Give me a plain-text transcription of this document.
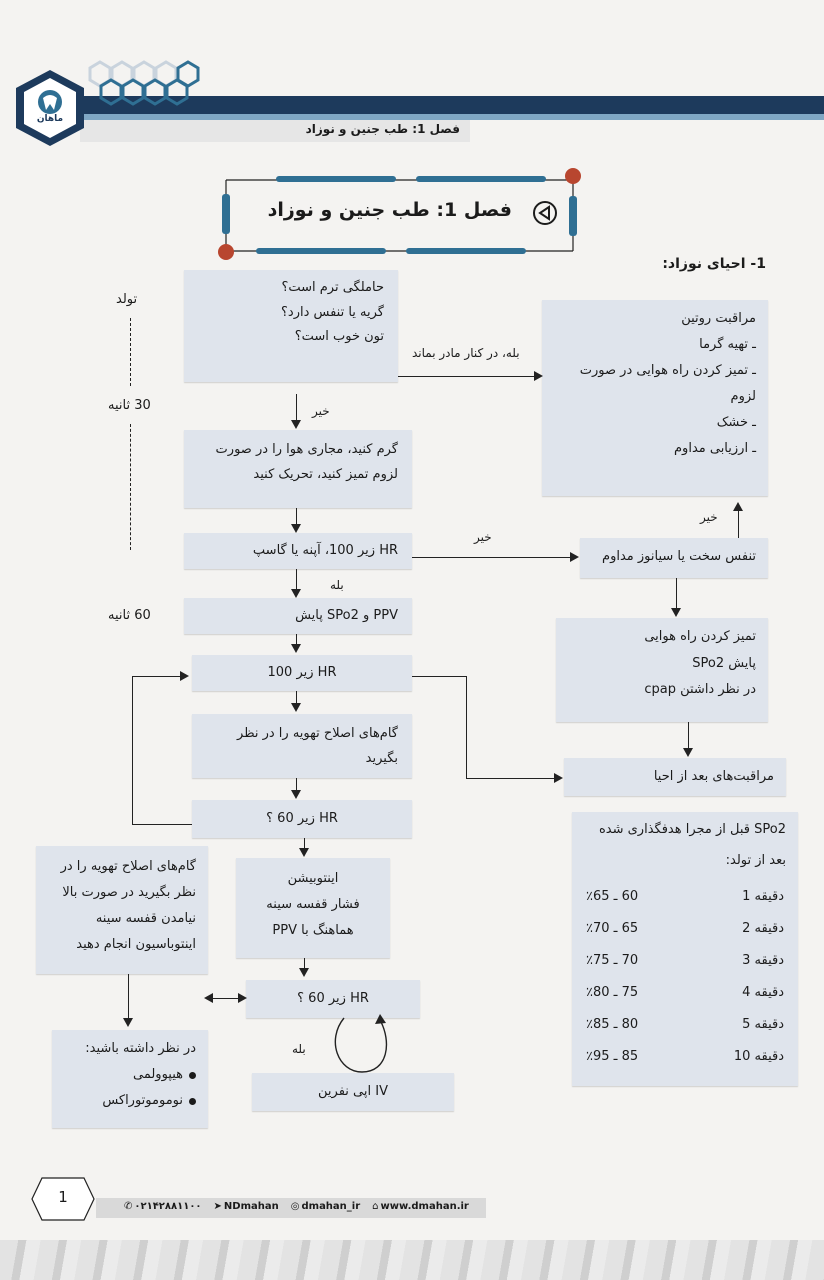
فصل 1: طب جنین و نوزاد
ماهان
فصل 1: طب جنین و نوزاد
1- احیای نوزاد:
تولد
30 ثانیه
60 ثانیه
حاملگی ترم است؟
گریه یا تنفس دارد؟
تون خوب است؟
مراقبت روتین
ـ تهیه گرما
ـ تمیز کردن راه هوایی در صورت
لزوم
ـ خشک
ـ ارزیابی مداوم
بله، در کنار مادر بماند
خیر
گرم کنید، مجاری هوا را در صورت
لزوم تمیز کنید، تحریک کنید
HR زیر 100، آپنه یا گاسپ
خیر
تنفس سخت یا سیانوز مداوم
خیر
تمیز کردن راه هوایی
پایش SPo2
در نظر داشتن cpap
بله
PPV و SPo2 پایش
HR زیر 100
مراقبت‌های بعد از احیا
گام‌های اصلاح تهویه را در نظر بگیرید
HR زیر 60 ؟
اینتوبیشن
فشار قفسه سینه
هماهنگ با PPV
HR زیر 60 ؟
گام‌های اصلاح تهویه را در
نظر بگیرید در صورت بالا
نیامدن قفسه سینه
اینتوباسیون انجام دهید
در نظر داشته باشید:
هیپوولمی
نوموموتوراکس
بله
IV اپی نفرین
SPo2 قبل از مجرا هدفگذاری شده
بعد از تولد:
دقیقه 1
60 ـ 65٪
دقیقه 2
65 ـ 70٪
دقیقه 3
70 ـ 75٪
دقیقه 4
75 ـ 80٪
دقیقه 5
80 ـ 85٪
دقیقه 10
85 ـ 95٪
1
✆ ۰۲۱۴۲۸۸۱۱۰۰ ➤ NDmahan ◎ dmahan_ir ⌂ www.dmahan.ir
